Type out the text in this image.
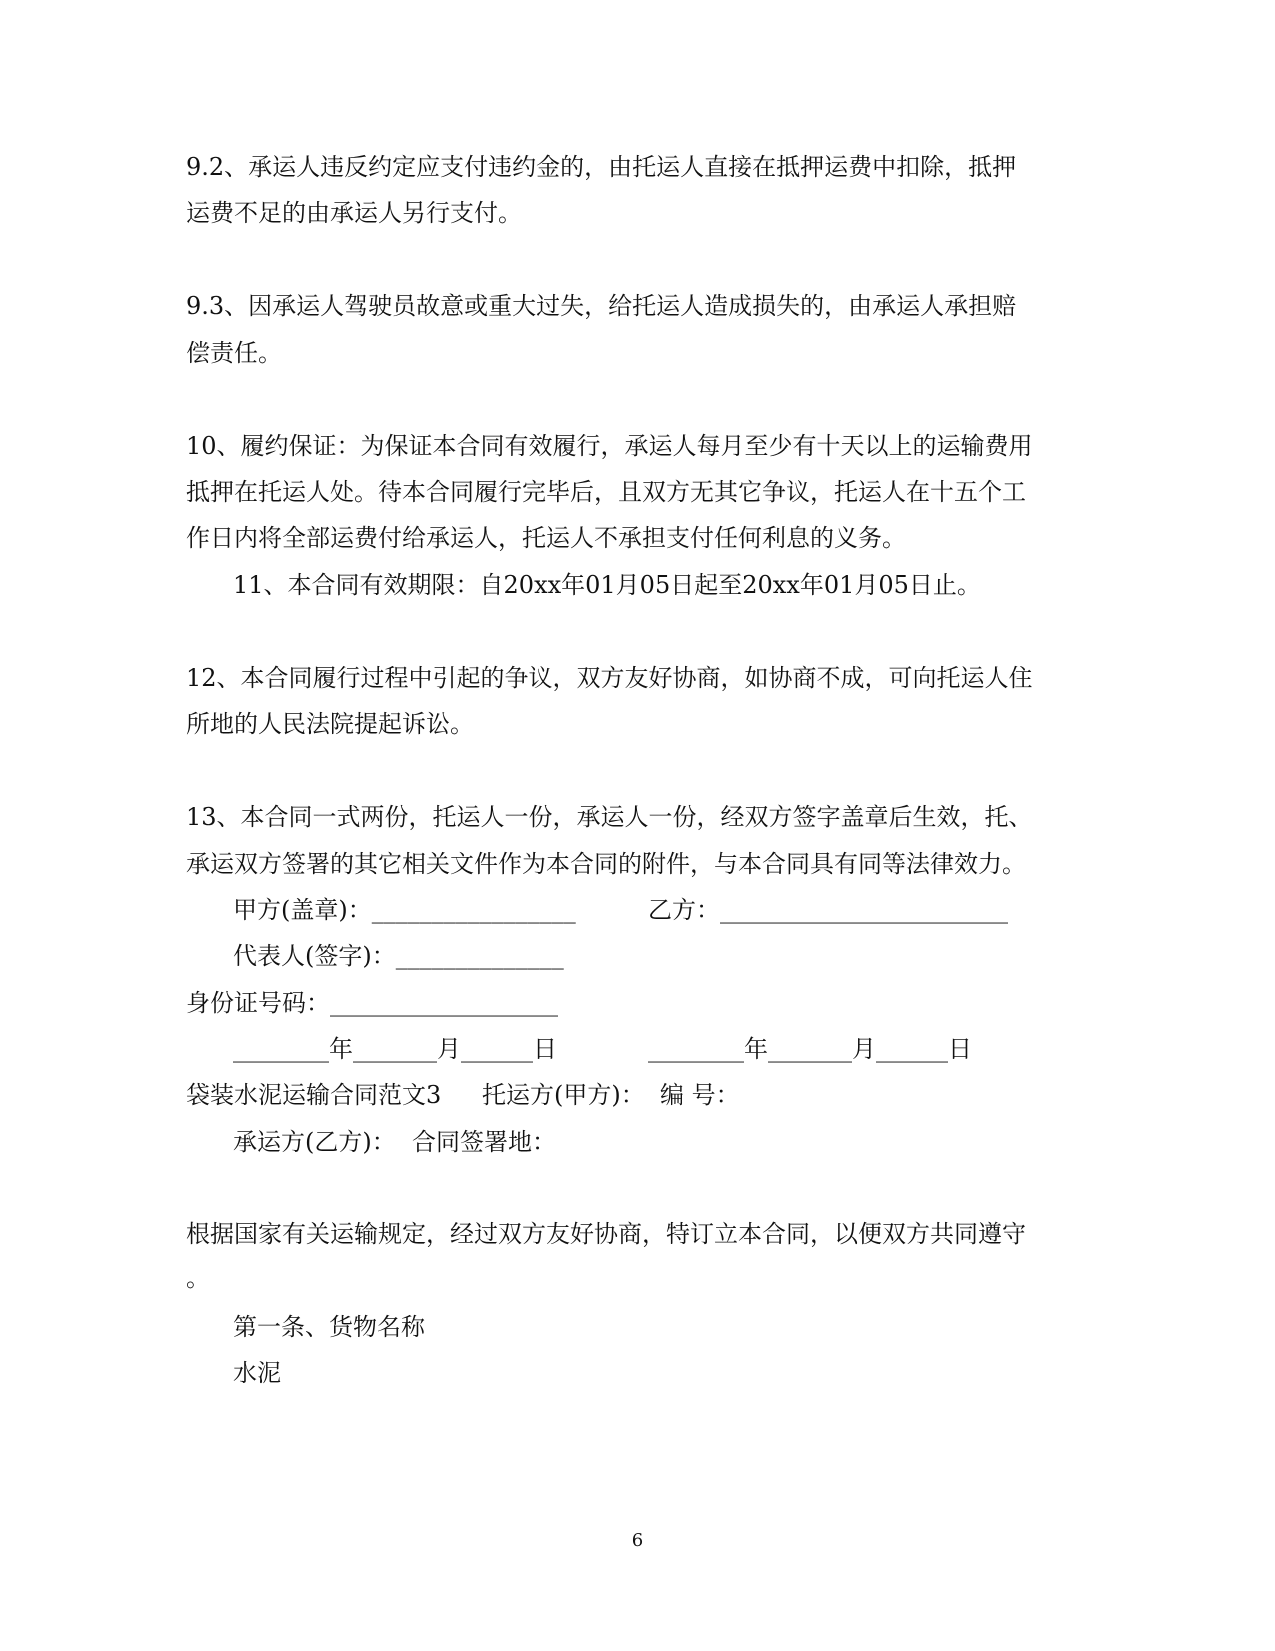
9.2、承运人违反约定应支付违约金的，由托运人直接在抵押运费中扣除，抵押

运费不足的由承运人另行支付。

9.3、因承运人驾驶员故意或重大过失，给托运人造成损失的，由承运人承担赔

偿责任。

10、履约保证：为保证本合同有效履行，承运人每月至少有十天以上的运输费用

抵押在托运人处。待本合同履行完毕后，且双方无其它争议，托运人在十五个工

作日内将全部运费付给承运人，托运人不承担支付任何利息的义务。

11、本合同有效期限：自20xx年01月05日起至20xx年01月05日止。

12、本合同履行过程中引起的争议，双方友好协商，如协商不成，可向托运人住

所地的人民法院提起诉讼。

13、本合同一式两份，托运人一份，承运人一份，经双方签字盖章后生效，托、

承运双方签署的其它相关文件作为本合同的附件，与本合同具有同等法律效力。

甲方(盖章)：_________________	乙方：________________________

代表人(签字)：______________

身份证号码：___________________

________年_______月______日	________年_______月______日

袋装水泥运输合同范文3 托运方(甲方)： 编 号：

承运方(乙方)： 合同签署地：

根据国家有关运输规定，经过双方友好协商，特订立本合同，以便双方共同遵守

。

第一条、货物名称

水泥

6
